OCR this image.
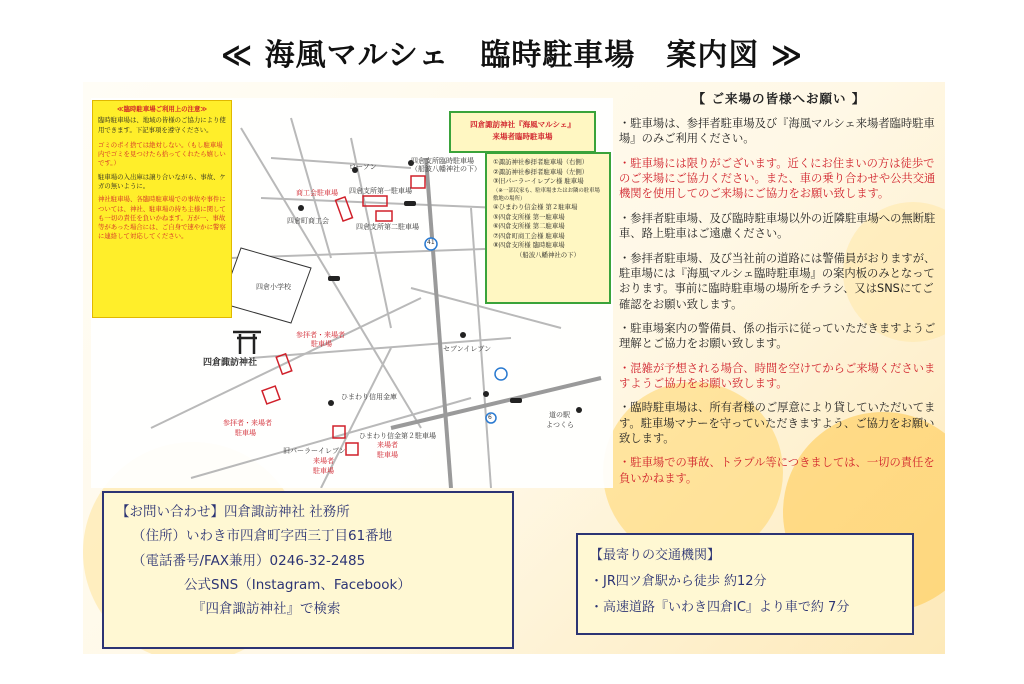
≪ 海風マルシェ　臨時駐車場　案内図 ≫
ローソン
四倉町商工会
四倉小学校
四倉諏訪神社
セブンイレブン
ひまわり信用金庫
道の駅
よつくら
41
6
四倉支所臨時駐車場
（船波八幡神社の下）
四倉支所第一駐車場
四倉支所第二駐車場
商工会駐車場
参拝者・来場者
駐車場
参拝者・来場者
駐車場	ひまわり信金第２駐車場
旧パーラーイレブン
来場者
駐車場
来場者
駐車場
≪臨時駐車場ご利用上の注意≫
臨時駐車場は、地域の皆様のご協力により使用できます。下記事項を遵守ください。
ゴミのポイ捨ては絶対しない。（もし駐車場内でゴミを見つけたら拾ってくれたら嬉しいです。）
駐車場の入出庫は譲り合いながら、事故、ケガの無いように。
神社駐車場、各臨時駐車場での事故や事件については、神社、駐車場の持ち主様に関しても一切の責任を負いかねます。万が一、事故等があった場合には、ご自身で速やかに警察に連絡して対応してください。
四倉諏訪神社『海風マルシェ』
来場者臨時駐車場
①諏訪神社参拝者駐車場（右側）
②諏訪神社参拝者駐車場（左側）
③旧パーラーイレブン様 駐車場
（※一部民家も、駐車場またはお隣の駐車場敷地の場所）
④ひまわり信金様 第２駐車場
⑤四倉支所様 第一駐車場
⑥四倉支所様 第二駐車場
⑦四倉町商工会様 駐車場
⑧四倉支所様 臨時駐車場
（船波八幡神社の下）
【 ご来場の皆様へお願い 】

・駐車場は、参拝者駐車場及び『海風マルシェ来場者臨時駐車場』のみご利用ください。

・駐車場には限りがございます。近くにお住まいの方は徒歩でのご来場にご協力ください。また、車の乗り合わせや公共交通機関を使用してのご来場にご協力をお願い致します。

・参拝者駐車場、及び臨時駐車場以外の近隣駐車場への無断駐車、路上駐車はご遠慮ください。

・参拝者駐車場、及び当社前の道路には警備員がおりますが、駐車場には『海風マルシェ臨時駐車場』の案内板のみとなっております。事前に臨時駐車場の場所をチラシ、又はSNSにてご確認をお願い致します。

・駐車場案内の警備員、係の指示に従っていただきますようご理解とご協力をお願い致します。

・混雑が予想される場合、時間を空けてからご来場くださいますようご協力をお願い致します。

・臨時駐車場は、所有者様のご厚意により貸していただいてます。駐車場マナーを守っていただきますよう、ご協力をお願い致します。

・駐車場での事故、トラブル等につきましては、一切の責任を負いかねます。

【お問い合わせ】四倉諏訪神社 社務所
（住所）いわき市四倉町字西三丁目61番地
（電話番号/FAX兼用）0246-32-2485
公式SNS（Instagram、Facebook）
『四倉諏訪神社』で検索
【最寄りの交通機関】
・JR四ツ倉駅から徒歩 約12分
・高速道路『いわき四倉IC』より車で約 7分
